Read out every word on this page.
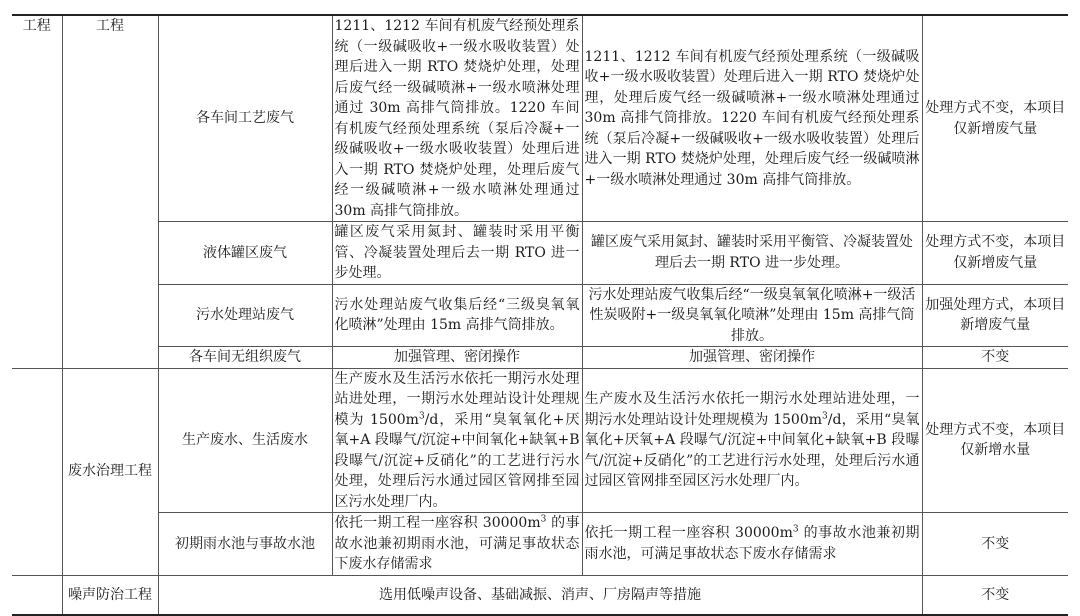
工程	工程	各车间工艺废气	1211、1212 车间有机废气经预处理系统（一级碱吸收+一级水吸收装置）处理后进入一期 RTO 焚烧炉处理，处理后废气经一级碱喷淋+一级水喷淋处理通过 30m 高排气筒排放。1220 车间有机废气经预处理系统（泵后冷凝+一级碱吸收+一级水吸收装置）处理后进入一期 RTO 焚烧炉处理，处理后废气经一级碱喷淋+一级水喷淋处理通过 30m 高排气筒排放。	1211、1212 车间有机废气经预处理系统（一级碱吸收+一级水吸收装置）处理后进入一期 RTO 焚烧炉处理，处理后废气经一级碱喷淋+一级水喷淋处理通过 30m 高排气筒排放。1220 车间有机废气经预处理系统（泵后冷凝+一级碱吸收+一级水吸收装置）处理后进入一期 RTO 焚烧炉处理，处理后废气经一级碱喷淋+一级水喷淋处理通过 30m 高排气筒排放。	处理方式不变，本项目仅新增废气量
		液体罐区废气	罐区废气采用氮封、罐装时采用平衡管、冷凝装置处理后去一期 RTO 进一步处理。	罐区废气采用氮封、罐装时采用平衡管、冷凝装置处理后去一期 RTO 进一步处理。	处理方式不变，本项目仅新增废气量
		污水处理站废气	污水处理站废气收集后经“三级臭氧氧化喷淋”处理由 15m 高排气筒排放。	污水处理站废气收集后经“一级臭氧氧化喷淋+一级活性炭吸附+一级臭氧氧化喷淋”处理由 15m 高排气筒排放。	加强处理方式，本项目新增废气量
		各车间无组织废气	加强管理、密闭操作	加强管理、密闭操作	不变
	废水治理工程	生产废水、生活废水	生产废水及生活污水依托一期污水处理站进处理，一期污水处理站设计处理规模为 $1500m^3/d$，采用“臭氧氧化+厌氧+A 段曝气/沉淀+中间氧化+缺氧+B 段曝气/沉淀+反硝化”的工艺进行污水处理，处理后污水通过园区管网排至园区污水处理厂内。	生产废水及生活污水依托一期污水处理站进处理，一期污水处理站设计处理规模为 $1500m^3/d$，采用“臭氧氧化+厌氧+A 段曝气/沉淀+中间氧化+缺氧+B 段曝气/沉淀+反硝化”的工艺进行污水处理，处理后污水通过园区管网排至园区污水处理厂内。	处理方式不变，本项目仅新增水量
		初期雨水池与事故水池	依托一期工程一座容积 $30000m^3$ 的事故水池兼初期雨水池，可满足事故状态下废水存储需求	依托一期工程一座容积 $30000m^3$ 的事故水池兼初期雨水池，可满足事故状态下废水存储需求	不变
	噪声防治工程	选用低噪声设备、基础减振、消声、厂房隔声等措施			不变
